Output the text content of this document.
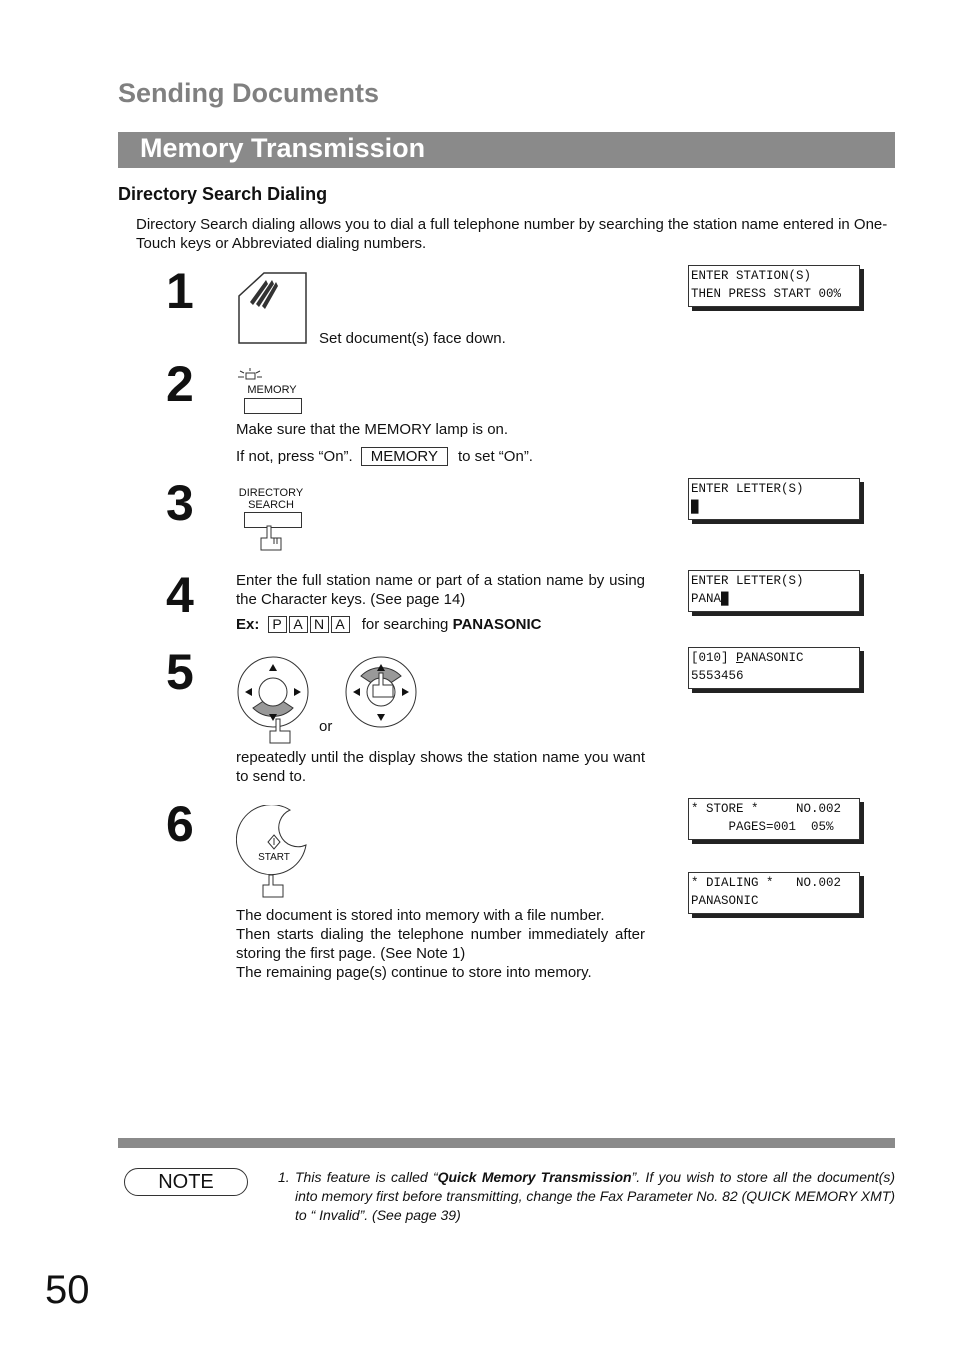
Sending Documents
Memory Transmission
Directory Search Dialing
Directory Search dialing allows you to dial a full telephone number by searching the station name entered in One-Touch keys or Abbreviated dialing numbers.
1
Set document(s) face down.
ENTER STATION(S)
THEN PRESS START 00%
2	MEMORY
Make sure that the MEMORY lamp is on.
If not, press “On”. MEMORY to set “On”.
3	DIRECTORY
SEARCH
ENTER LETTER(S)
█
4	Enter the full station name or part of a station name by using the Character keys. (See page 14)
Ex: P A N A for searching PANASONIC
ENTER LETTER(S)
PANA█
5
or
repeatedly until the display shows the station name you want to send to.
[010] PANASONIC
5553456
6
START
The document is stored into memory with a file number.
Then starts dialing the telephone number immediately after storing the first page. (See Note 1)
The remaining page(s) continue to store into memory.
* STORE *     NO.002
PAGES=001  05%
* DIALING *   NO.002
PANASONIC
NOTE	1. This feature is called “Quick Memory Transmission”. If you wish to store all the document(s) into memory first before transmitting, change the Fax Parameter No. 82 (QUICK MEMORY XMT) to “ Invalid”. (See page 39)
50
